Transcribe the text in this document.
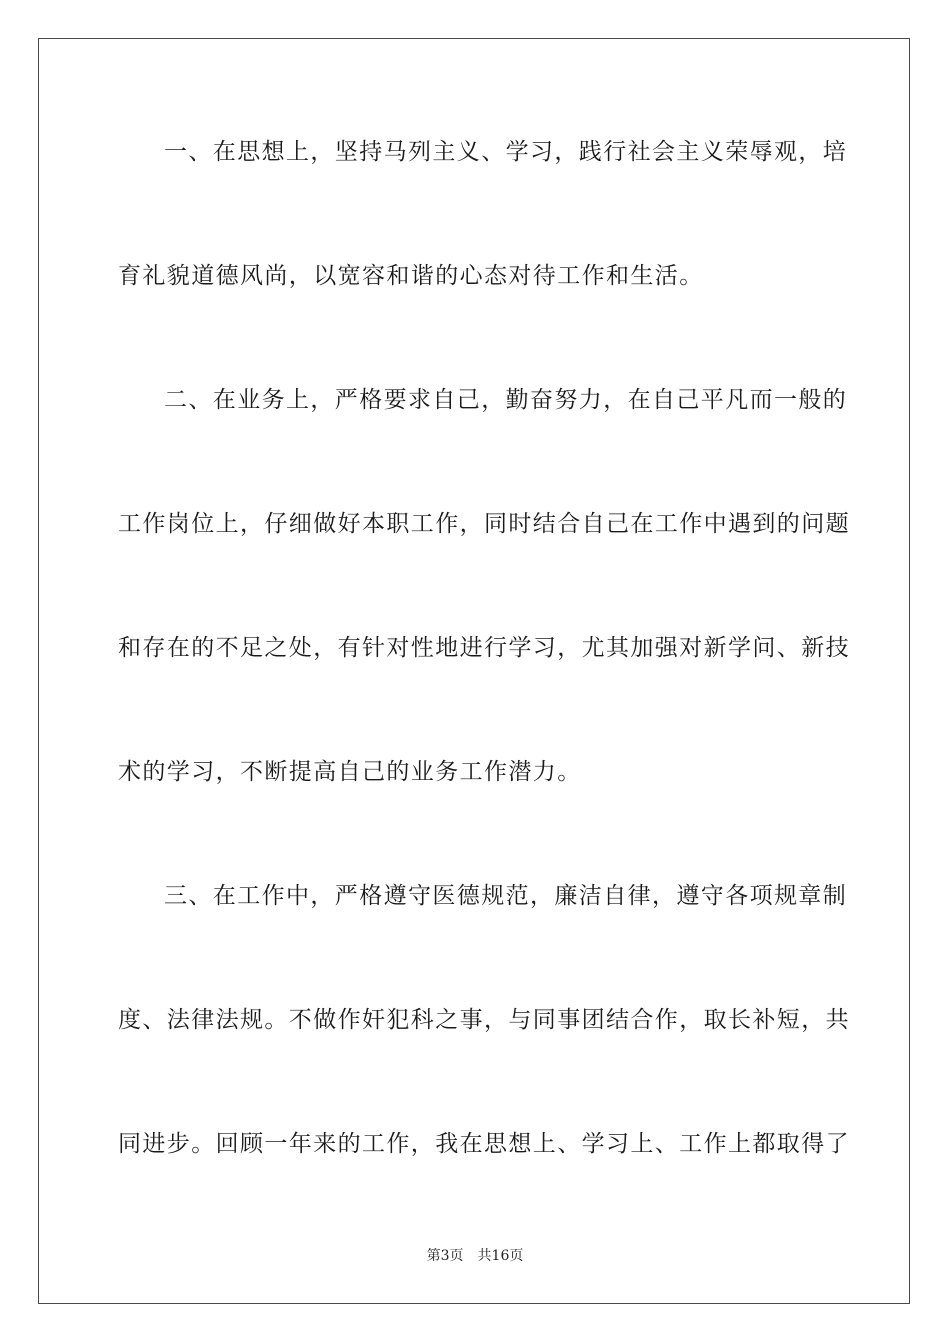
一、在思想上，坚持马列主义、学习，践行社会主义荣辱观，培
育礼貌道德风尚，以宽容和谐的心态对待工作和生活。
二、在业务上，严格要求自己，勤奋努力，在自己平凡而一般的
工作岗位上，仔细做好本职工作，同时结合自己在工作中遇到的问题
和存在的不足之处，有针对性地进行学习，尤其加强对新学问、新技
术的学习，不断提高自己的业务工作潜力。
三、在工作中，严格遵守医德规范，廉洁自律，遵守各项规章制
度、法律法规。不做作奸犯科之事，与同事团结合作，取长补短，共
同进步。回顾一年来的工作，我在思想上、学习上、工作上都取得了
第3页 共16页
